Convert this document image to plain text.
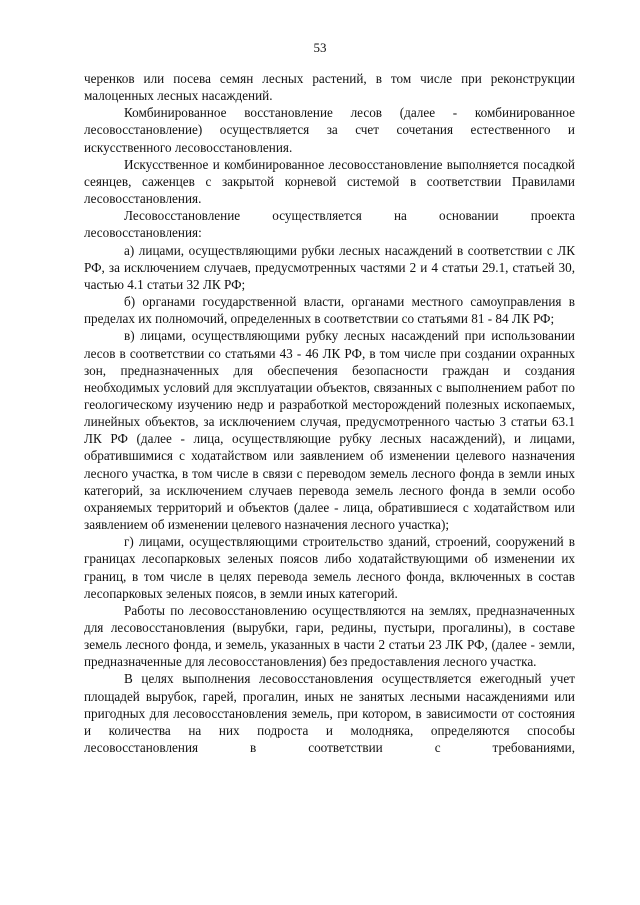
53

черенков или посева семян лесных растений, в том числе при реконструкции малоценных лесных насаждений.

Комбинированное восстановление лесов (далее - комбинированное лесовосстановление) осуществляется за счет сочетания естественного и искусственного лесовосстановления.

Искусственное и комбинированное лесовосстановление выполняется посадкой сеянцев, саженцев с закрытой корневой системой в соответствии Правилами лесовосстановления.

Лесовосстановление осуществляется на основании проекта лесовосстановления:

а) лицами, осуществляющими рубки лесных насаждений в соответствии с ЛК РФ, за исключением случаев, предусмотренных частями 2 и 4 статьи 29.1, статьей 30, частью 4.1 статьи 32 ЛК РФ;

б) органами государственной власти, органами местного самоуправления в пределах их полномочий, определенных в соответствии со статьями 81 - 84 ЛК РФ;

в) лицами, осуществляющими рубку лесных насаждений при использовании лесов в соответствии со статьями 43 - 46 ЛК РФ, в том числе при создании охранных зон, предназначенных для обеспечения безопасности граждан и создания необходимых условий для эксплуатации объектов, связанных с выполнением работ по геологическому изучению недр и разработкой месторождений полезных ископаемых, линейных объектов, за исключением случая, предусмотренного частью 3 статьи 63.1 ЛК РФ (далее - лица, осуществляющие рубку лесных насаждений), и лицами, обратившимися с ходатайством или заявлением об изменении целевого назначения лесного участка, в том числе в связи с переводом земель лесного фонда в земли иных категорий, за исключением случаев перевода земель лесного фонда в земли особо охраняемых территорий и объектов (далее - лица, обратившиеся с ходатайством или заявлением об изменении целевого назначения лесного участка);

г) лицами, осуществляющими строительство зданий, строений, сооружений в границах лесопарковых зеленых поясов либо ходатайствующими об изменении их границ, в том числе в целях перевода земель лесного фонда, включенных в состав лесопарковых зеленых поясов, в земли иных категорий.

Работы по лесовосстановлению осуществляются на землях, предназначенных для лесовосстановления (вырубки, гари, редины, пустыри, прогалины), в составе земель лесного фонда, и земель, указанных в части 2 статьи 23 ЛК РФ, (далее - земли, предназначенные для лесовосстановления) без предоставления лесного участка.

В целях выполнения лесовосстановления осуществляется ежегодный учет площадей вырубок, гарей, прогалин, иных не занятых лесными насаждениями или пригодных для лесовосстановления земель, при котором, в зависимости от состояния и количества на них подроста и молодняка, определяются способы лесовосстановления в соответствии с требованиями,
